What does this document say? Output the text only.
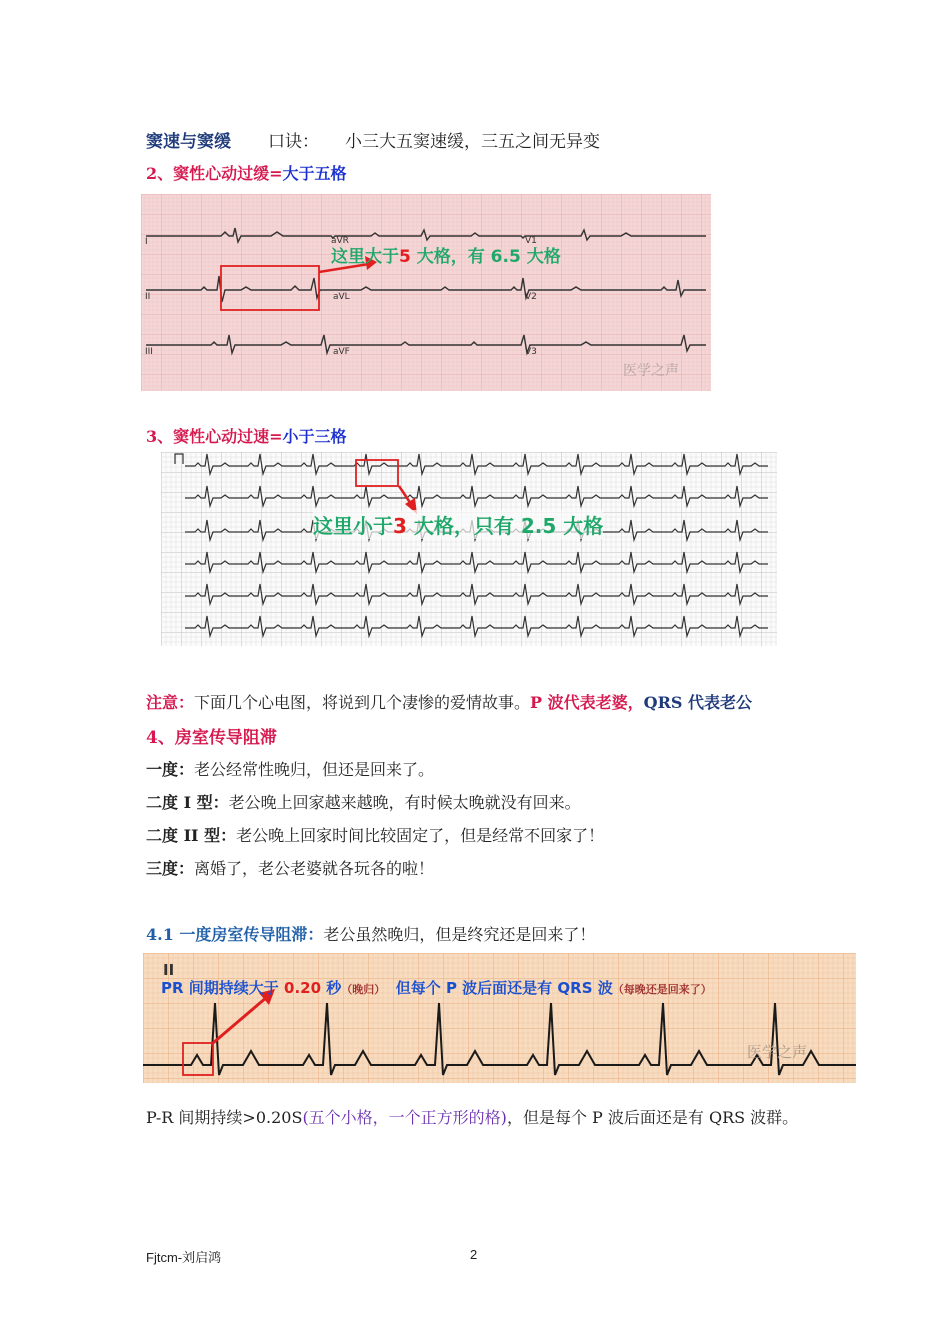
窦速与窦缓 口诀： 小三大五窦速缓，三五之间无异变
2、窦性心动过缓=大于五格
这里大于5 大格，有 6.5 大格
aVR	V1
aVL	V2
aVF	V3
I
II
III
医学之声
3、窦性心动过速=小于三格
这里小于3 大格，只有 2.5 大格
注意：下面几个心电图，将说到几个凄惨的爱情故事。P 波代表老婆，QRS 代表老公
4、房室传导阻滞
一度：老公经常性晚归，但还是回来了。
二度 I 型：老公晚上回家越来越晚，有时候太晚就没有回来。
二度 II 型：老公晚上回家时间比较固定了，但是经常不回家了！
三度：离婚了，老公老婆就各玩各的啦！
4.1 一度房室传导阻滞：老公虽然晚归，但是终究还是回来了！
II
PR 间期持续大于 0.20 秒（晚归） 但每个 P 波后面还是有 QRS 波（每晚还是回来了）
医学之声
P-R 间期持续>0.20S(五个小格，一个正方形的格)，但是每个 P 波后面还是有 QRS 波群。
Fjtcm-刘启鸿	2
